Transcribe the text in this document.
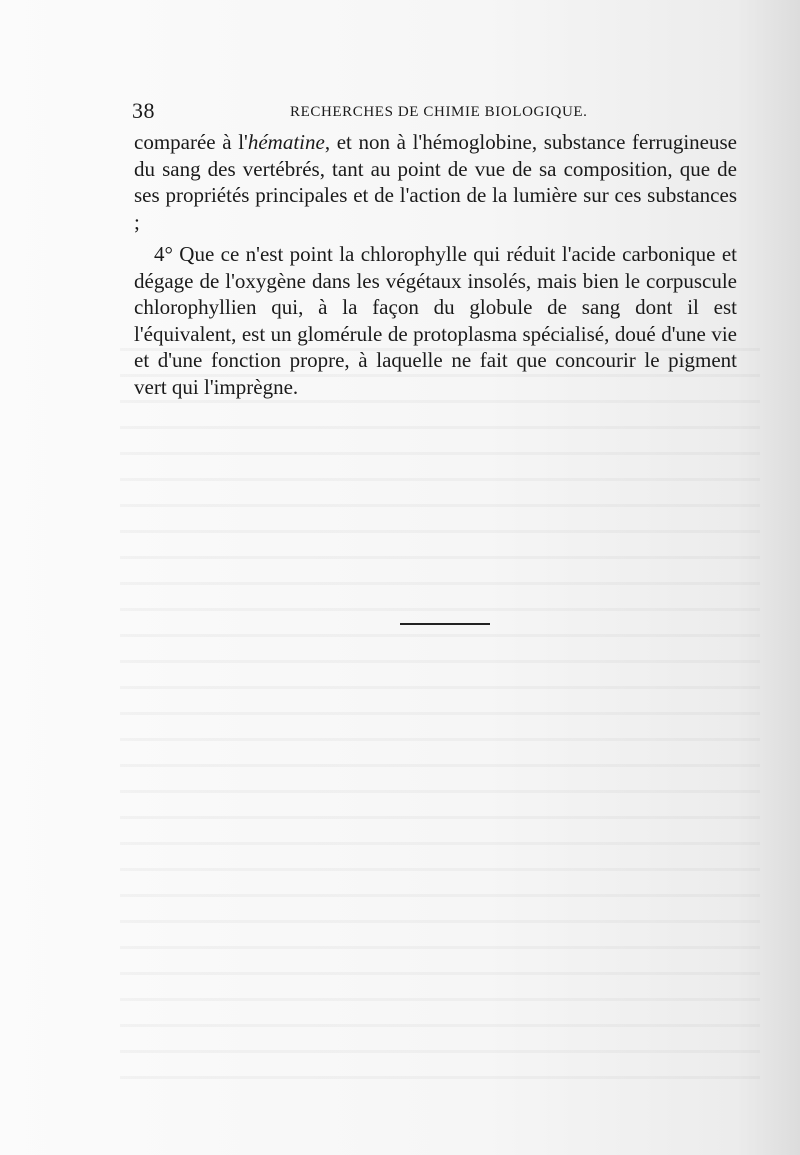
38	RECHERCHES DE CHIMIE BIOLOGIQUE.

comparée à l'hématine, et non à l'hémoglobine, substance ferrugineuse du sang des vertébrés, tant au point de vue de sa composition, que de ses propriétés principales et de l'action de la lumière sur ces substances ;

4° Que ce n'est point la chlorophylle qui réduit l'acide carbonique et dégage de l'oxygène dans les végétaux insolés, mais bien le corpuscule chlorophyllien qui, à la façon du globule de sang dont il est l'équivalent, est un glomérule de protoplasma spécialisé, doué d'une vie et d'une fonction propre, à laquelle ne fait que concourir le pigment vert qui l'imprègne.
